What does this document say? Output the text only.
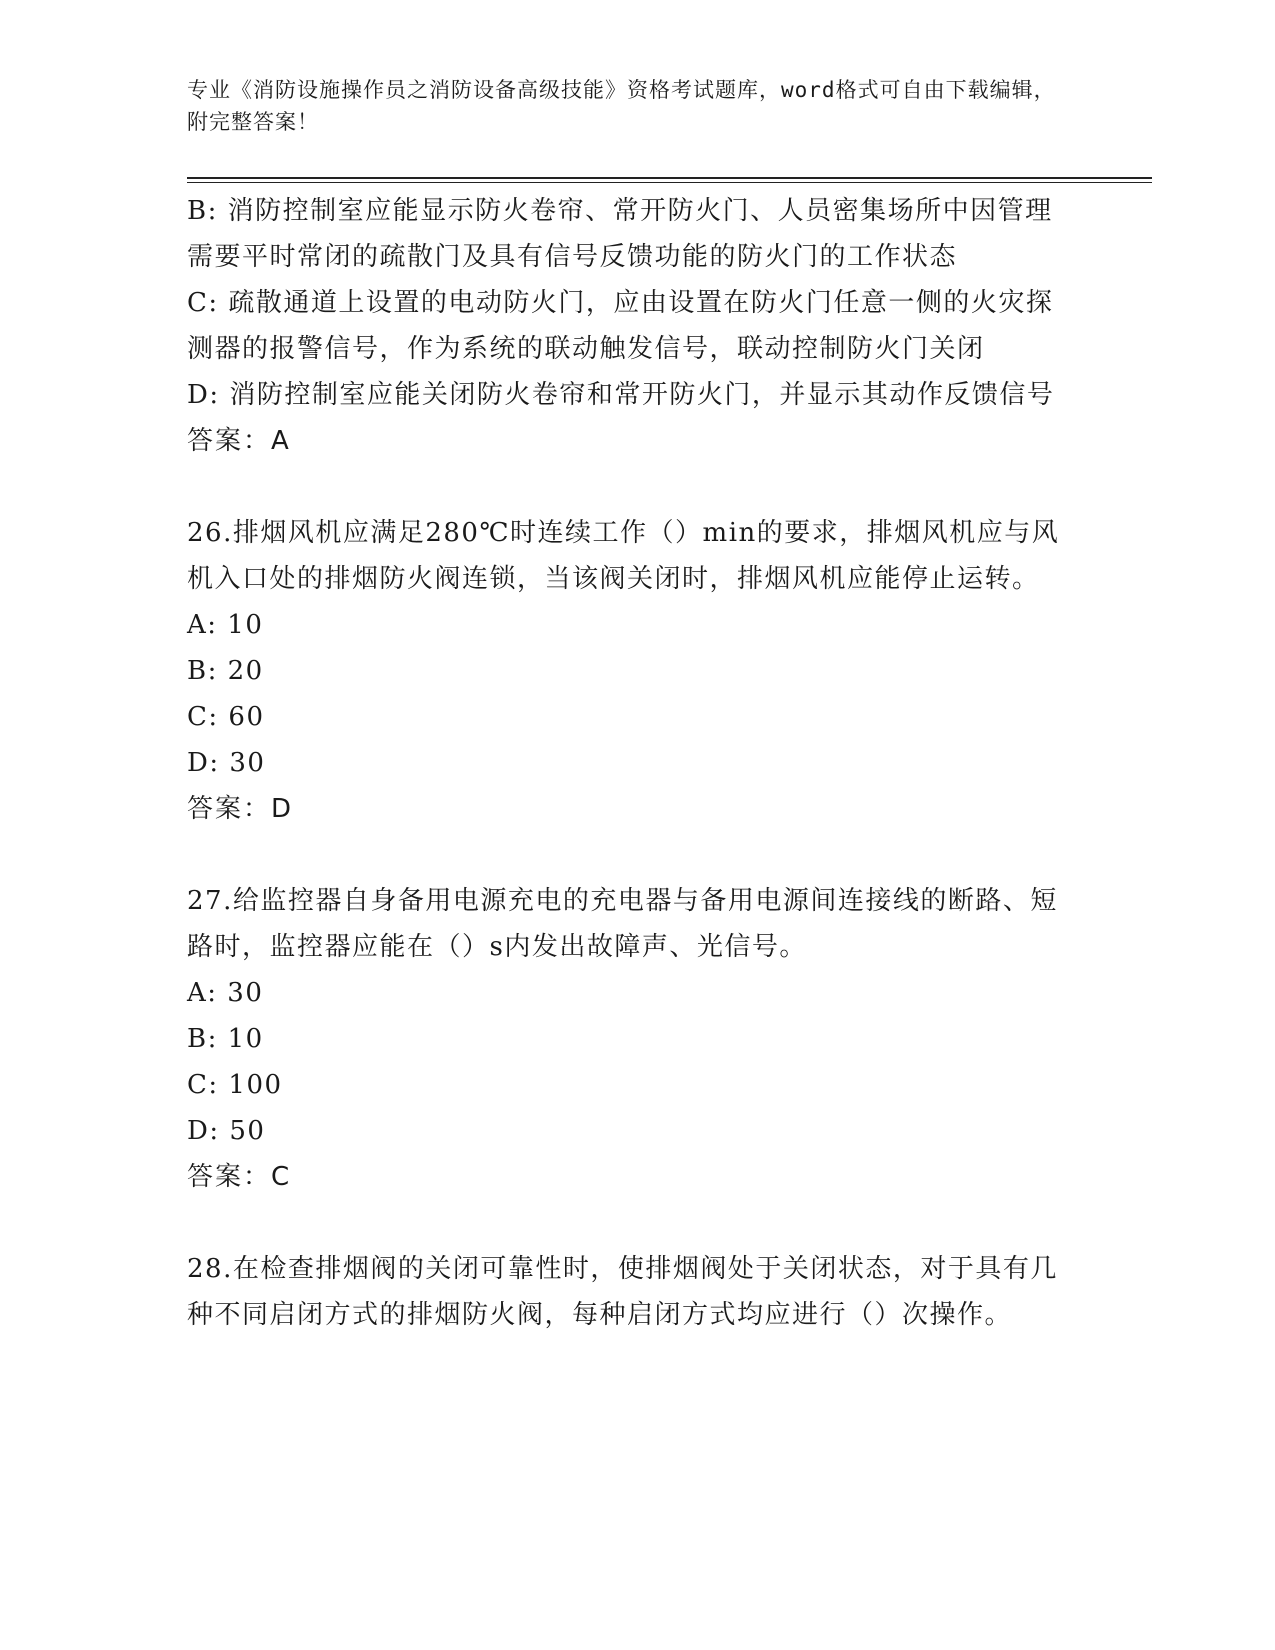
专业《消防设施操作员之消防设备高级技能》资格考试题库，word格式可自由下载编辑，附完整答案！
B: 消防控制室应能显示防火卷帘、常开防火门、人员密集场所中因管理需要平时常闭的疏散门及具有信号反馈功能的防火门的工作状态
C: 疏散通道上设置的电动防火门，应由设置在防火门任意一侧的火灾探测器的报警信号，作为系统的联动触发信号，联动控制防火门关闭
D: 消防控制室应能关闭防火卷帘和常开防火门，并显示其动作反馈信号
答案：A
26.排烟风机应满足280℃时连续工作（）min的要求，排烟风机应与风机入口处的排烟防火阀连锁，当该阀关闭时，排烟风机应能停止运转。
A: 10
B: 20
C: 60
D: 30
答案：D
27.给监控器自身备用电源充电的充电器与备用电源间连接线的断路、短路时，监控器应能在（）s内发出故障声、光信号。
A: 30
B: 10
C: 100
D: 50
答案：C
28.在检查排烟阀的关闭可靠性时，使排烟阀处于关闭状态，对于具有几种不同启闭方式的排烟防火阀，每种启闭方式均应进行（）次操作。
